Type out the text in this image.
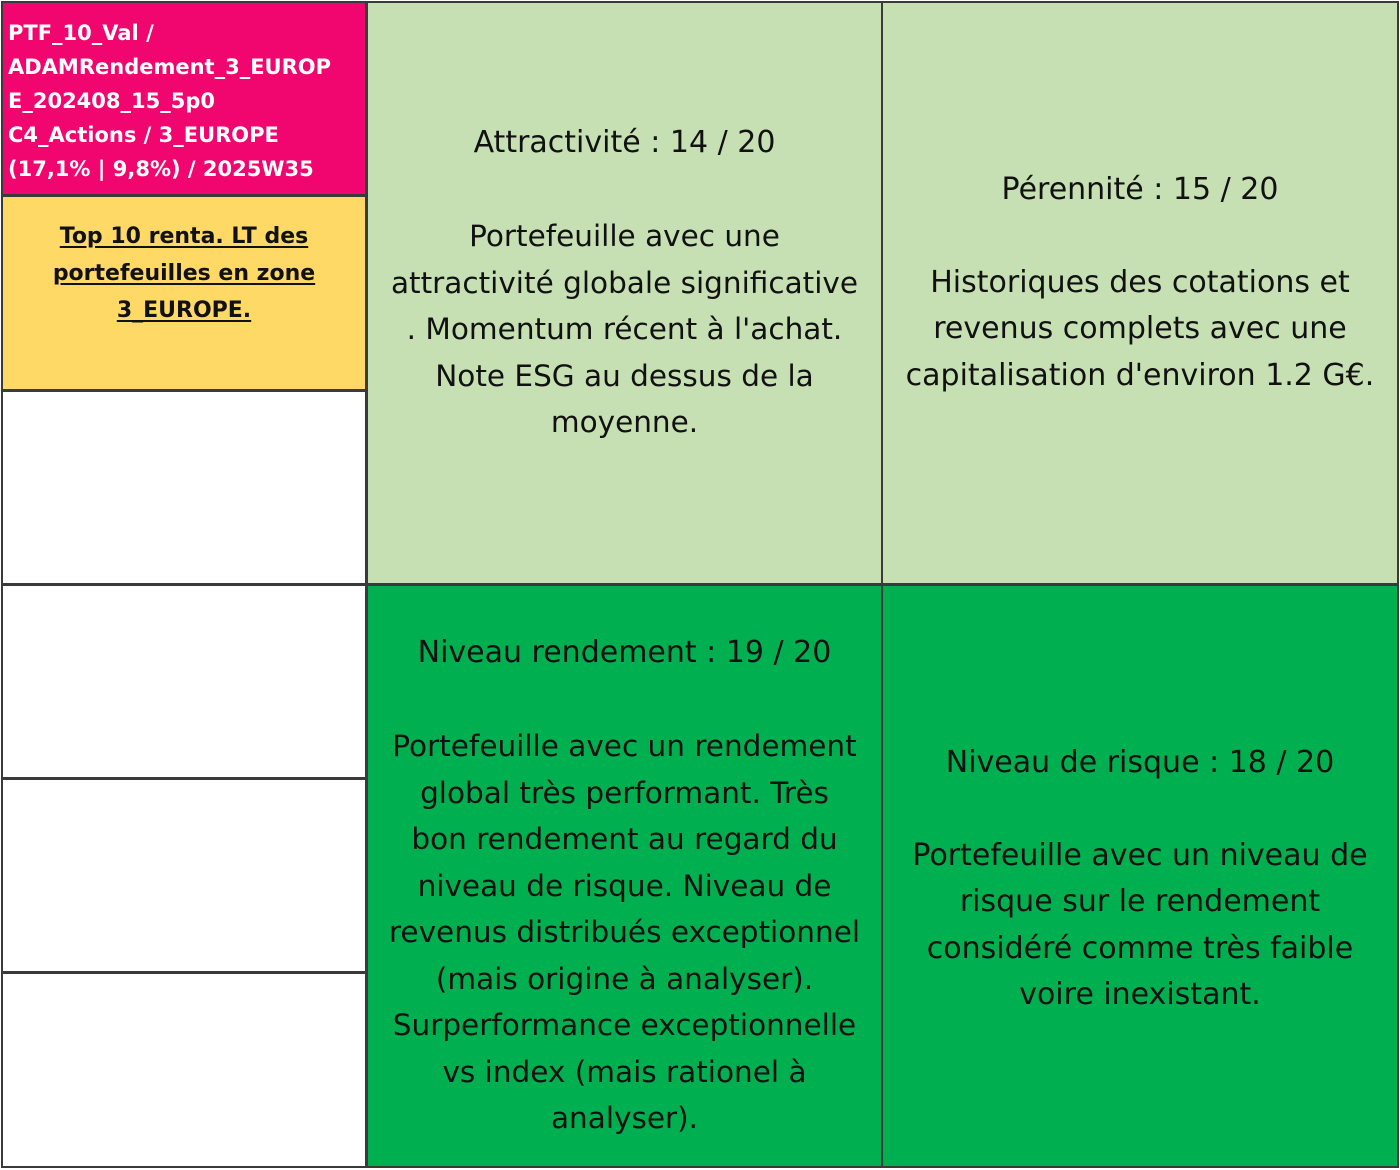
PTF_10_Val /
ADAMRendement_3_EUROP
E_202408_15_5p0
C4_Actions / 3_EUROPE
(17,1% | 9,8%) / 2025W35
Top 10 renta. LT des
portefeuilles en zone
3_EUROPE.
Attractivité : 14 / 20
Portefeuille avec une
attractivité globale significative
. Momentum récent à l'achat.
Note ESG au dessus de la
moyenne.
Pérennité : 15 / 20
Historiques des cotations et
revenus complets avec une
capitalisation d'environ 1.2 G€.
Niveau rendement : 19 / 20
Portefeuille avec un rendement
global très performant. Très
bon rendement au regard du
niveau de risque. Niveau de
revenus distribués exceptionnel
(mais origine à analyser).
Surperformance exceptionnelle
vs index (mais rationel à
analyser).
Niveau de risque : 18 / 20
Portefeuille avec un niveau de
risque sur le rendement
considéré comme très faible
voire inexistant.
